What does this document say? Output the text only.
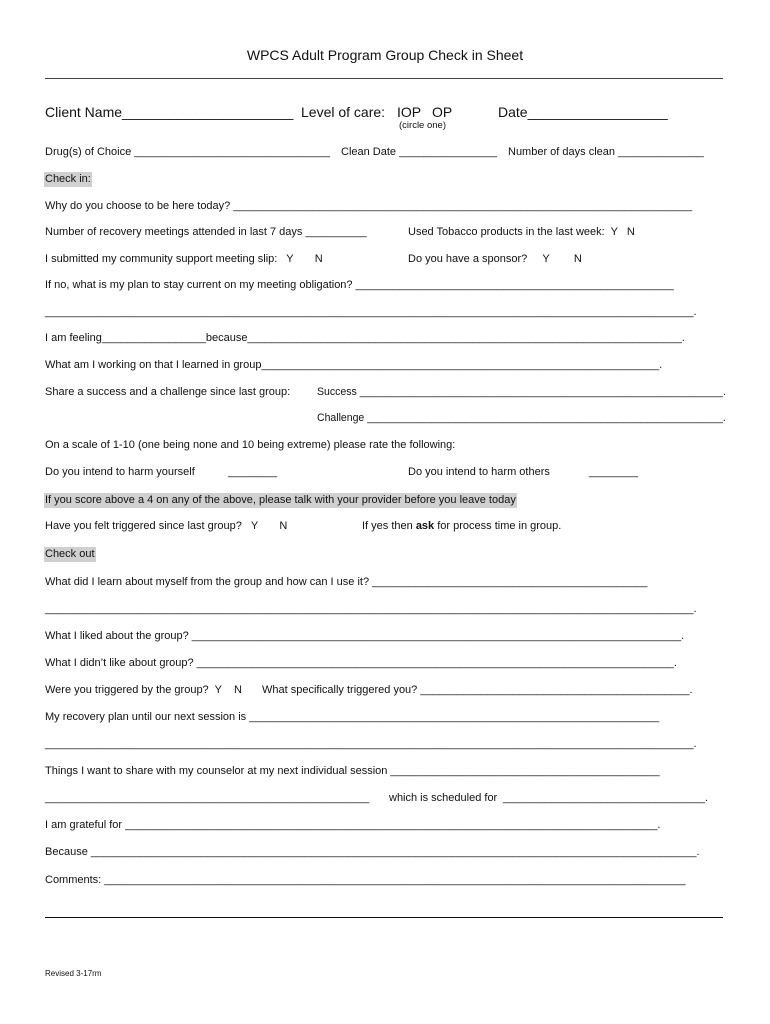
WPCS Adult Program Group Check in Sheet
Client Name______________________ Level of care: IOP OP	Date__________________
(circle one)
Drug(s) of Choice ________________________________ Clean Date ________________ Number of days clean ______________
Check in:
Why do you choose to be here today? ___________________________________________________________________________
Number of recovery meetings attended in last 7 days __________	Used Tobacco products in the last week:  Y   N
I submitted my community support meeting slip:   Y       N	Do you have a sponsor?     Y        N
If no, what is my plan to stay current on my meeting obligation? ____________________________________________________
__________________________________________________________________________________________________________.
I am feeling_________________because_______________________________________________________________________.
What am I working on that I learned in group_________________________________________________________________.
Share a success and a challenge since last group: Success ______________________________________________________________.
Challenge _____________________________________________________________.
On a scale of 1-10 (one being none and 10 being extreme) please rate the following:
Do you intend to harm yourself	________	Do you intend to harm others	________
If you score above a 4 on any of the above, please talk with your provider before you leave today
Have you felt triggered since last group?   Y       N	If yes then ask for process time in group.
Check out
What did I learn about myself from the group and how can I use it? _____________________________________________
__________________________________________________________________________________________________________.
What I liked about the group? ________________________________________________________________________________.
What I didn’t like about group? ______________________________________________________________________________.
Were you triggered by the group?  Y    N What specifically triggered you? ____________________________________________.
My recovery plan until our next session is ___________________________________________________________________
__________________________________________________________________________________________________________.
Things I want to share with my counselor at my next individual session ____________________________________________
_____________________________________________________ which is scheduled for _________________________________.
I am grateful for _______________________________________________________________________________________.
Because ___________________________________________________________________________________________________.
Comments: _______________________________________________________________________________________________
Revised 3-17rm
